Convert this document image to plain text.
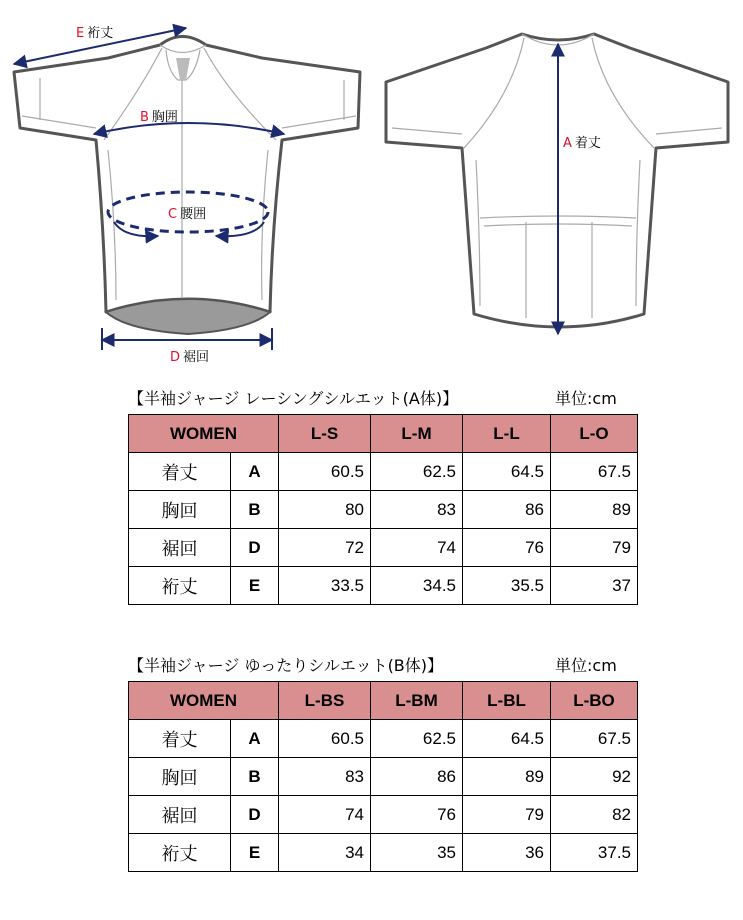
E 裄丈
B 胸囲
C 腰囲
D 裾回
A 着丈
【半袖ジャージ レーシングシルエット(A体)】	単位:cm
WOMEN		L-S	L-M	L-L	L-O
着丈	A	60.5	62.5	64.5	67.5
胸回	B	80	83	86	89
裾回	D	72	74	76	79
裄丈	E	33.5	34.5	35.5	37
【半袖ジャージ ゆったりシルエット(B体)】	単位:cm
WOMEN		L-BS	L-BM	L-BL	L-BO
着丈	A	60.5	62.5	64.5	67.5
胸回	B	83	86	89	92
裾回	D	74	76	79	82
裄丈	E	34	35	36	37.5
